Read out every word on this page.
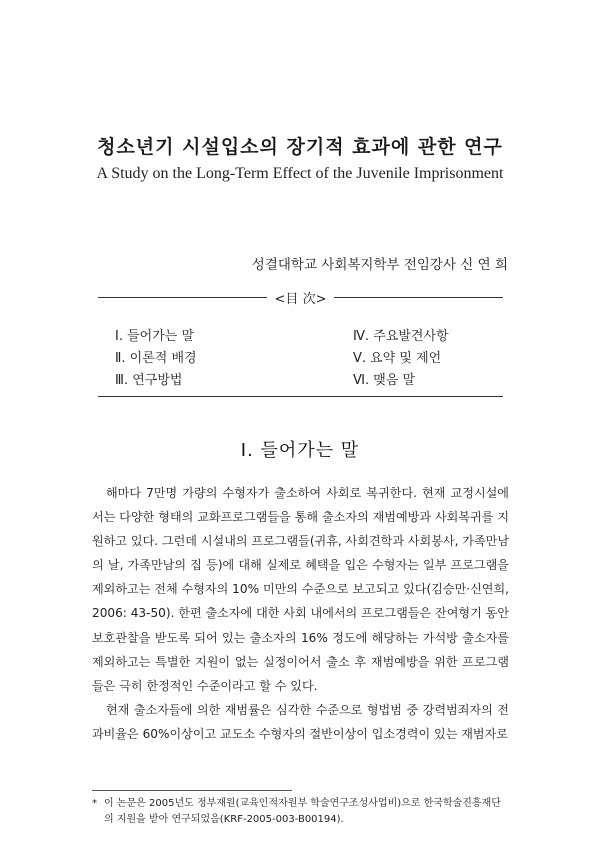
청소년기 시설입소의 장기적 효과에 관한 연구
A Study on the Long-Term Effect of the Juvenile Imprisonment
성결대학교 사회복지학부 전임강사 신 연 희
<目 次>
Ⅰ. 들어가는 말
Ⅱ. 이론적 배경
Ⅲ. 연구방법
Ⅳ. 주요발견사항
Ⅴ. 요약 및 제언
Ⅵ. 맺음 말
Ⅰ. 들어가는 말

해마다 7만명 가량의 수형자가 출소하여 사회로 복귀한다. 현재 교정시설에서는 다양한 형태의 교화프로그램들을 통해 출소자의 재범예방과 사회복귀를 지원하고 있다. 그런데 시설내의 프로그램들(귀휴, 사회견학과 사회봉사, 가족만남의 날, 가족만남의 집 등)에 대해 실제로 혜택을 입은 수형자는 일부 프로그램을 제외하고는 전체 수형자의 10% 미만의 수준으로 보고되고 있다(김승만·신연희, 2006: 43-50). 한편 출소자에 대한 사회 내에서의 프로그램들은 잔여형기 동안 보호관찰을 받도록 되어 있는 출소자의 16% 정도에 해당하는 가석방 출소자를 제외하고는 특별한 지원이 없는 실정이어서 출소 후 재범예방을 위한 프로그램들은 극히 한정적인 수준이라고 할 수 있다.

현재 출소자들에 의한 재범률은 심각한 수준으로 형법범 중 강력범죄자의 전과비율은 60%이상이고 교도소 수형자의 절반이상이 입소경력이 있는 재범자로

* 이 논문은 2005년도 정부재원(교육인적자원부 학술연구조성사업비)으로 한국학술진흥재단
의 지원을 받아 연구되었음(KRF-2005-003-B00194).
